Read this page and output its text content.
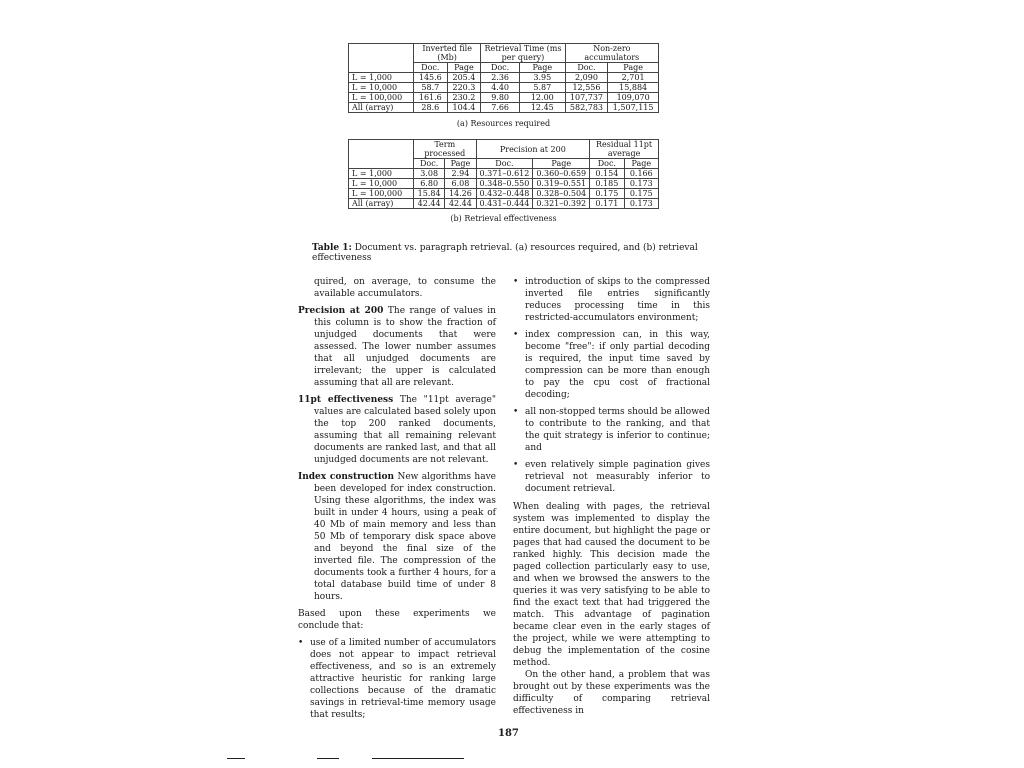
	Inverted file (Mb)		Retrieval Time (ms per query)		Non-zero accumulators	
	Doc.	Page	Doc.	Page	Doc.	Page
L = 1,000	145.6	205.4	2.36	3.95	2,090	2,701
L = 10,000	58.7	220.3	4.40	5.87	12,556	15,884
L = 100,000	161.6	230.2	9.80	12.00	107,737	109,070
All (array)	28.6	104.4	7.66	12.45	582,783	1,507,115
(a) Resources required
	Term processed		Precision at 200		Residual 11pt average	
	Doc.	Page	Doc.	Page	Doc.	Page
L = 1,000	3.08	2.94	0.371–0.612	0.360–0.659	0.154	0.166
L = 10,000	6.80	6.08	0.348–0.550	0.319–0.551	0.185	0.173
L = 100,000	15.84	14.26	0.432–0.448	0.328–0.504	0.175	0.175
All (array)	42.44	42.44	0.431–0.444	0.321–0.392	0.171	0.173
(b) Retrieval effectiveness
Table 1: Document vs. paragraph retrieval. (a) resources required, and (b) retrieval effectiveness

quired, on average, to consume the available accumulators.

Precision at 200 The range of values in this column is to show the fraction of unjudged documents that were assessed. The lower number assumes that all unjudged documents are irrelevant; the upper is calculated assuming that all are relevant.

11pt effectiveness The "11pt average" values are calculated based solely upon the top 200 ranked documents, assuming that all remaining relevant documents are ranked last, and that all unjudged documents are not relevant.

Index construction New algorithms have been developed for index construction. Using these algorithms, the index was built in under 4 hours, using a peak of 40 Mb of main memory and less than 50 Mb of temporary disk space above and beyond the final size of the inverted file. The compression of the documents took a further 4 hours, for a total database build time of under 8 hours.

Based upon these experiments we conclude that:

• use of a limited number of accumulators does not appear to impact retrieval effectiveness, and so is an extremely attractive heuristic for ranking large collections because of the dramatic savings in retrieval-time memory usage that results;

• introduction of skips to the compressed inverted file entries significantly reduces processing time in this restricted-accumulators environment;

• index compression can, in this way, become "free": if only partial decoding is required, the input time saved by compression can be more than enough to pay the cpu cost of fractional decoding;

• all non-stopped terms should be allowed to contribute to the ranking, and that the quit strategy is inferior to continue; and

• even relatively simple pagination gives retrieval not measurably inferior to document retrieval.

When dealing with pages, the retrieval system was implemented to display the entire document, but highlight the page or pages that had caused the document to be ranked highly. This decision made the paged collection particularly easy to use, and when we browsed the answers to the queries it was very satisfying to be able to find the exact text that had triggered the match. This advantage of pagination became clear even in the early stages of the project, while we were attempting to debug the implementation of the cosine method.

On the other hand, a problem that was brought out by these experiments was the difficulty of comparing retrieval effectiveness in

187
